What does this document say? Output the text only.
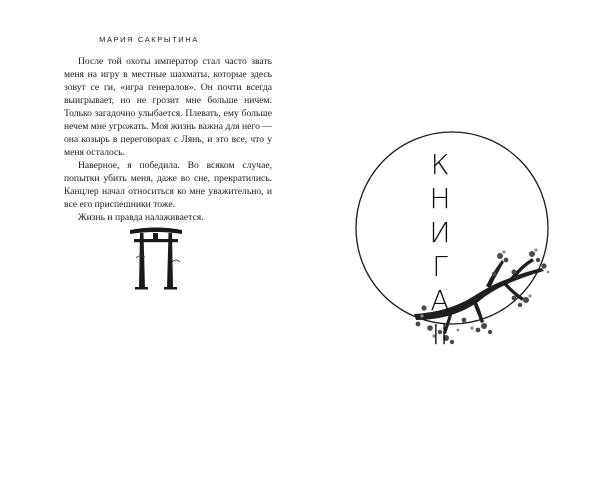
МАРИЯ САКРЫТИНА

После той охоты император стал часто звать меня на игру в местные шахматы, которые здесь зовут се ги, «игра генералов». Он почти всегда выигрывает, но не грозит мне больше ничем. Только загадочно улыбается. Плевать, ему больше нечем мне угрожать. Моя жизнь важна для него — она козырь в переговорах с Лянь, и это все, что у меня осталось.

Наверное, я победила. Во всяком случае, попытки убить меня, даже во сне, прекратились. Канцлер начал относиться ко мне уважительно, и все его приспешники тоже.

Жизнь и правда налаживается.

К
Н
И
Г
А
II
